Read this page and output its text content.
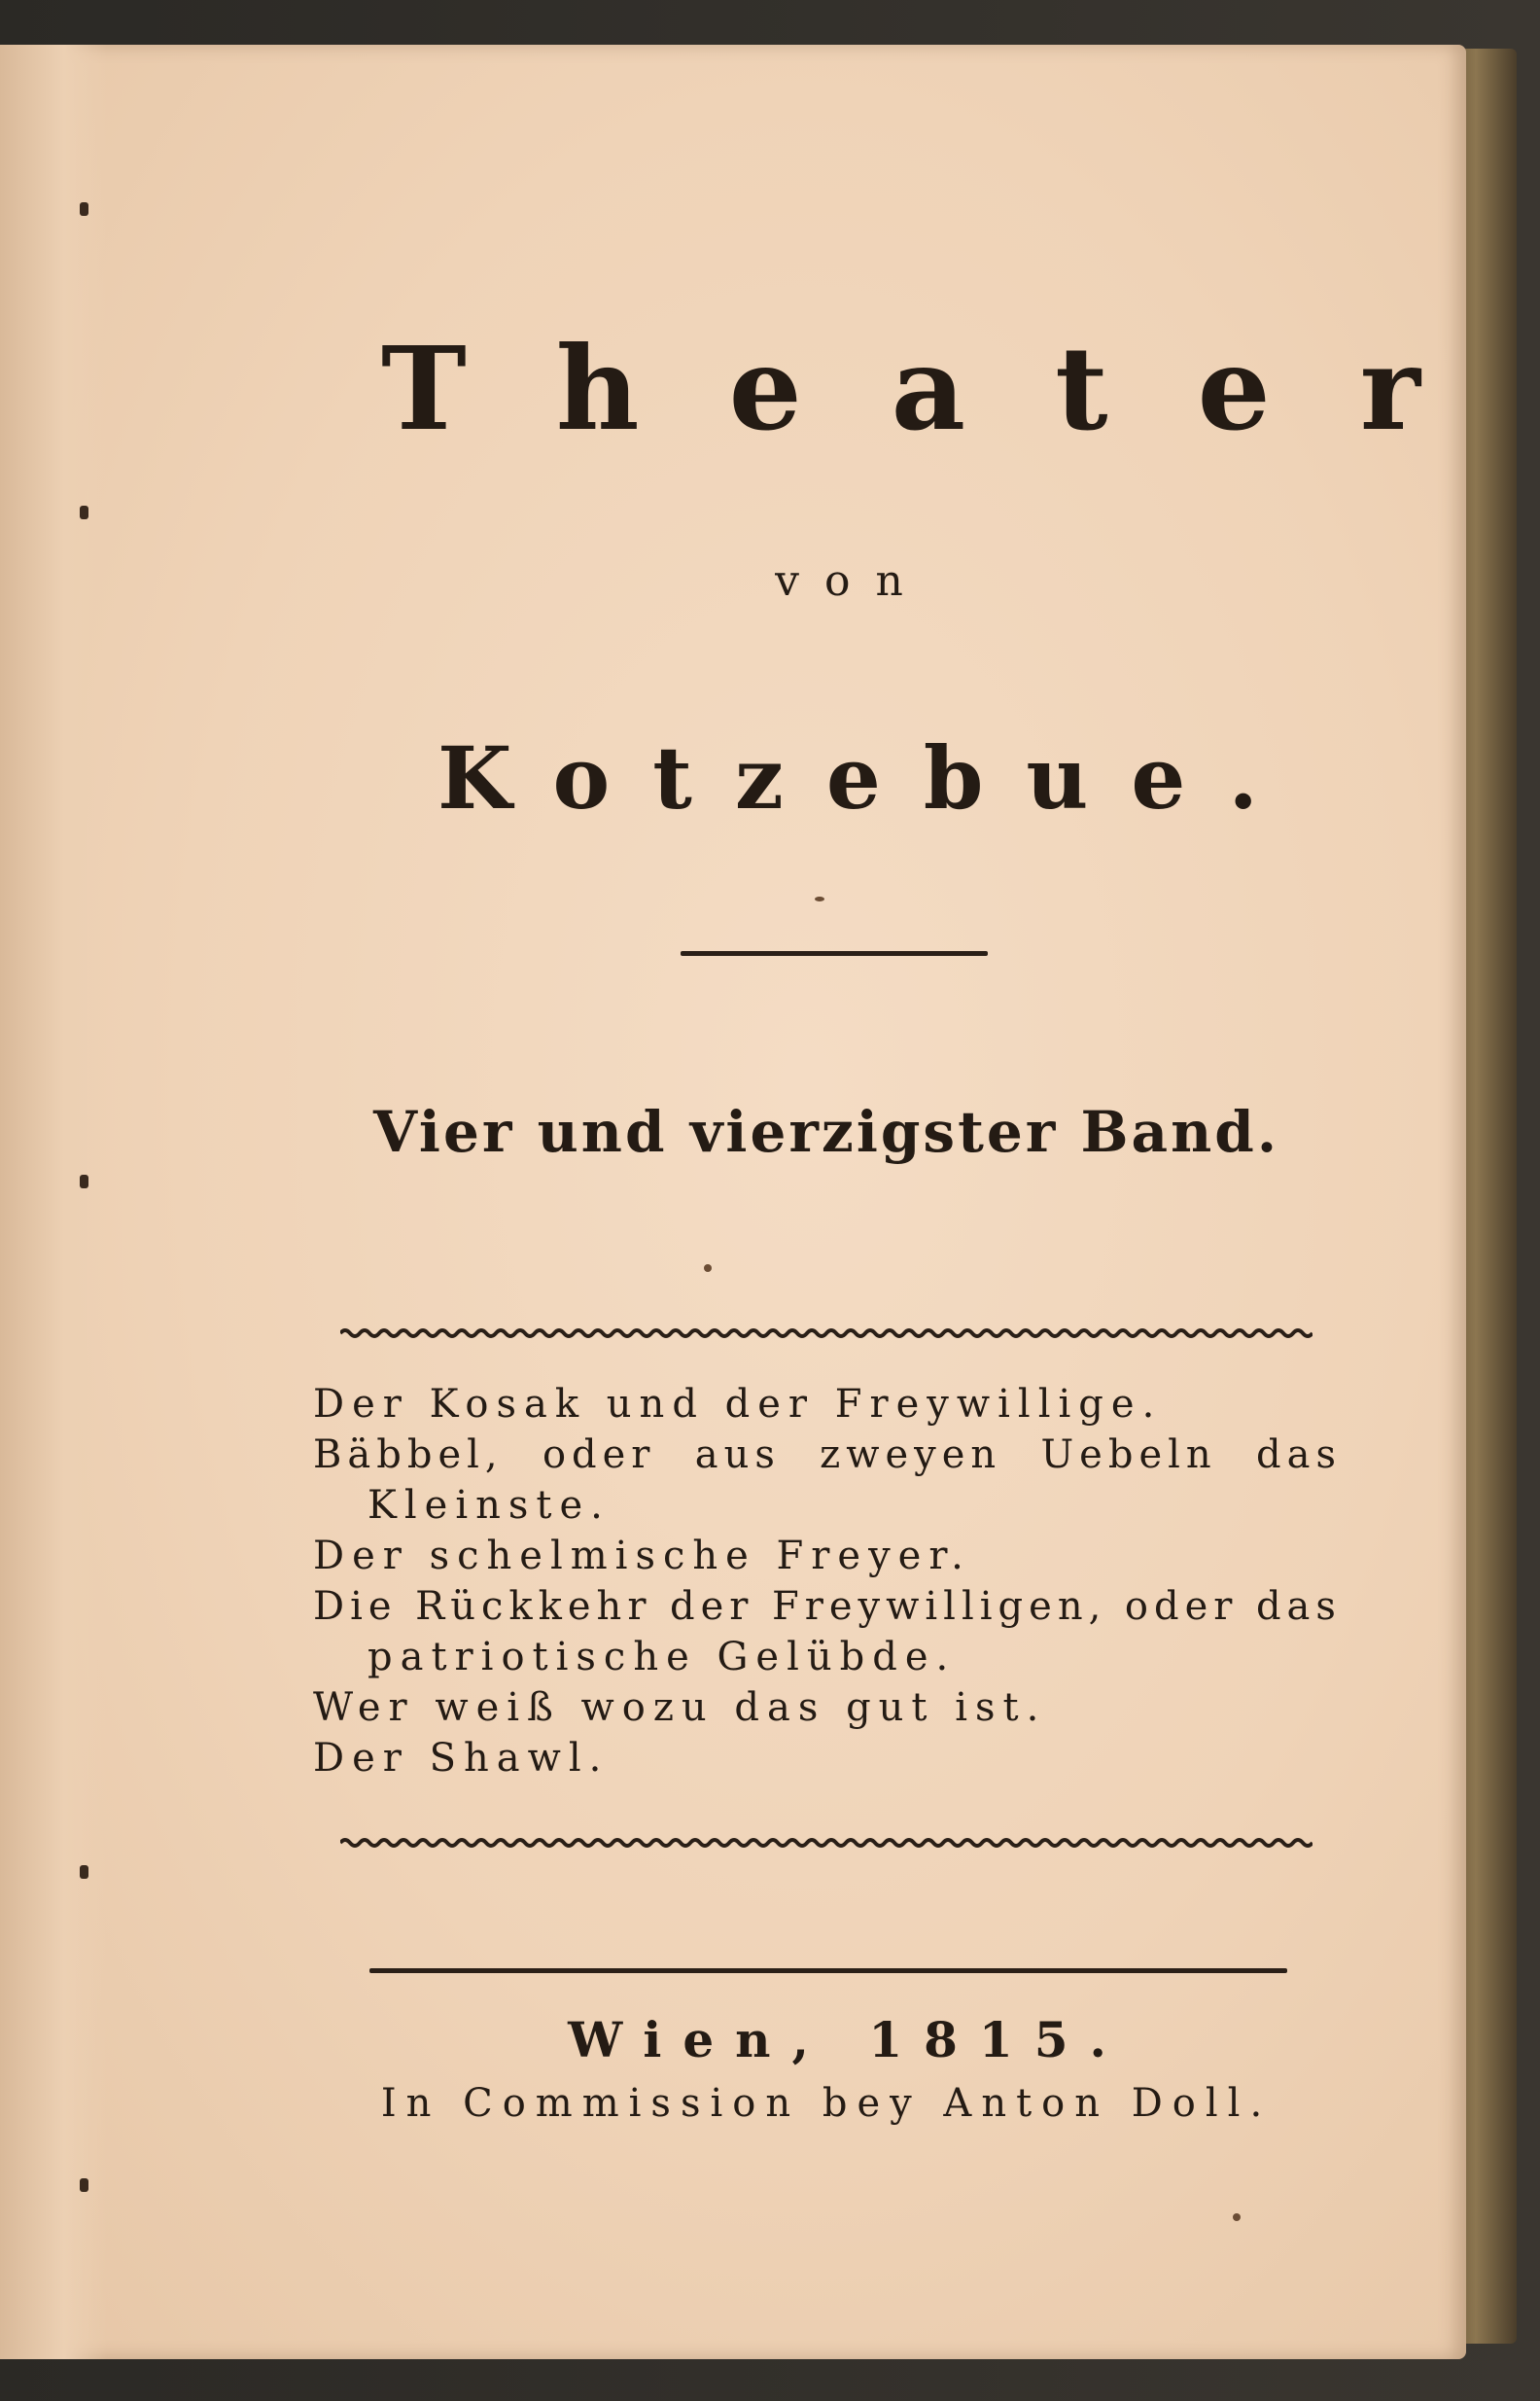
Theater
von
Kotzebue.
Vier und vierzigster Band.
Der Kosak und der Freywillige.
Bäbbel, oder aus zweyen Uebeln das
Kleinste.
Der schelmische Freyer.
Die Rückkehr der Freywilligen, oder das
patriotische Gelübde.
Wer weiß wozu das gut ist.
Der Shawl.
Wien, 1815.
In Commission bey Anton Doll.
